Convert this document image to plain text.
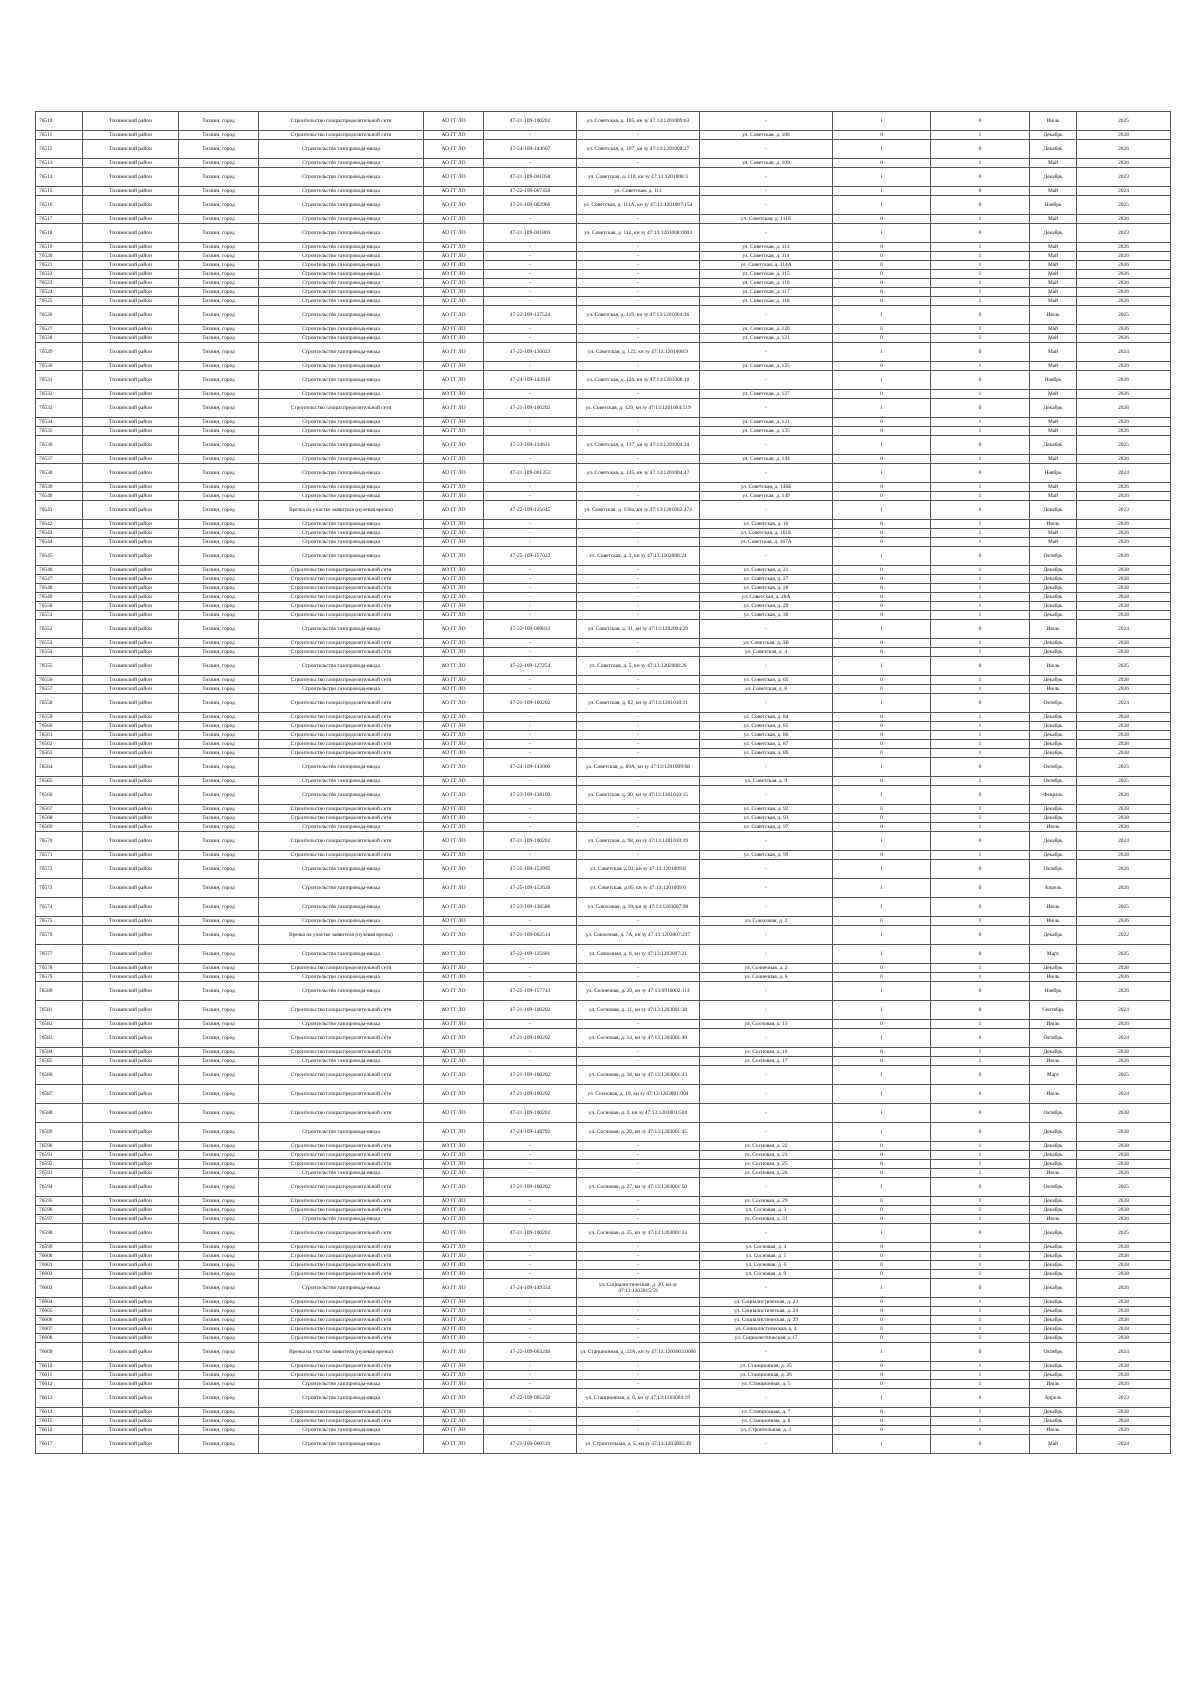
76510	Тихвинский район	Тихвин, город	Строительство газораспределительной сети	АО ГГ ЛО	47-21-109-100202	ул. Советская, д. 105, кн зу 47:13:1201009:63	-	1	0	Июль	2025
76511	Тихвинский район	Тихвин, город	Строительство газораспределительной сети	АО ГГ ЛО	-	-	ул. Советская, д. 106	0	1	Декабрь	2028
76512	Тихвинский район	Тихвин, город	Строительство газопровода-ввода	АО ГГ ЛО	47-24-109-144667	ул. Советская, д. 107, кн зу 47:13:1201008:27	-	1	0	Декабрь	2026
76513	Тихвинский район	Тихвин, город	Строительство газопровода-ввода	АО ГГ ЛО	-	-	ул. Советская, д. 109	0	1	Май	2026
76514	Тихвинский район	Тихвин, город	Строительство газопровода-ввода	АО ГГ ЛО	47-21-109-001058	ул. Советская, д. 110, кн зу 47:13:1201008:3	-	1	0	Декабрь	2023
76515	Тихвинский район	Тихвин, город	Строительство газопровода-ввода	АО ГГ ЛО	47-22-109-007450	ул. Советская, д. 111	-	1	0	Май	2024
76516	Тихвинский район	Тихвин, город	Строительство газопровода-ввода	АО ГГ ЛО	47-21-109-002966	ул. Советская, д. 111А, кн зу 47:13:1201007:154	-	1	0	Ноябрь	2025
76517	Тихвинский район	Тихвин, город	Строительство газопровода-ввода	АО ГГ ЛО	-	-	ул. Советская, д. 111Б	0	1	Май	2026
76518	Тихвинский район	Тихвин, город	Строительство газопровода-ввода	АО ГГ ЛО	47-21-109-001869	ул. Советская, д. 112, кн зу 47:13:1201008:0004	-	1	0	Декабрь	2023
76519	Тихвинский район	Тихвин, город	Строительство газопровода-ввода	АО ГГ ЛО	-	-	ул. Советская, д. 113	0	1	Май	2026
76520	Тихвинский район	Тихвин, город	Строительство газопровода-ввода	АО ГГ ЛО	-	-	ул. Советская, д. 114	0	1	Май	2026
76521	Тихвинский район	Тихвин, город	Строительство газопровода-ввода	АО ГГ ЛО	-	-	ул. Советская, д. 114А	0	1	Май	2026
76522	Тихвинский район	Тихвин, город	Строительство газопровода-ввода	АО ГГ ЛО	-	-	ул. Советская, д. 115	0	1	Май	2026
76523	Тихвинский район	Тихвин, город	Строительство газопровода-ввода	АО ГГ ЛО	-	-	ул. Советская, д. 116	0	1	Май	2026
76524	Тихвинский район	Тихвин, город	Строительство газопровода-ввода	АО ГГ ЛО	-	-	ул. Советская, д. 117	0	1	Май	2026
76525	Тихвинский район	Тихвин, город	Строительство газопровода-ввода	АО ГГ ЛО	-	-	ул. Советская, д. 118	0	1	Май	2026
76526	Тихвинский район	Тихвин, город	Строительство газопровода-ввода	АО ГГ ЛО	47-22-109-127524	ул. Советская, д. 119, кн зу 47:13:1201004:36	-	1	0	Июль	2025
76527	Тихвинский район	Тихвин, город	Строительство газопровода-ввода	АО ГГ ЛО	-	-	ул. Советская, д. 120	0	1	Май	2026
76528	Тихвинский район	Тихвин, город	Строительство газопровода-ввода	АО ГГ ЛО	-	-	ул. Советская, д. 121	0	1	Май	2026
76529	Тихвинский район	Тихвин, город	Строительство газопровода-ввода	АО ГГ ЛО	47-22-109-136023	ул. Советская, д. 122, кн зу 47:13:1201008:9	-	1	0	Май	2024
76530	Тихвинский район	Тихвин, город	Строительство газопровода-ввода	АО ГГ ЛО	-	-	ул. Советская, д. 125	0	1	Май	2026
76531	Тихвинский район	Тихвин, город	Строительство газопровода-ввода	АО ГГ ЛО	47-24-109-143618	ул. Советская, д. 126, кн зу 47:13:1201008:10	-	1	0	Ноябрь	2026
76532	Тихвинский район	Тихвин, город	Строительство газопровода-ввода	АО ГГ ЛО	-	-	ул. Советская, д. 127	0	1	Май	2026
76533	Тихвинский район	Тихвин, город	Строительство газораспределительной сети	АО ГГ ЛО	47-21-109-100202	ул. Советская, д. 129, кн зу 47:13:1201004:519	-	1	0	Декабрь	2028
76534	Тихвинский район	Тихвин, город	Строительство газопровода-ввода	АО ГГ ЛО	-	-	ул. Советская, д. 131	0	1	Май	2026
76535	Тихвинский район	Тихвин, город	Строительство газопровода-ввода	АО ГГ ЛО	-	-	ул. Советская, д. 135	0	1	Май	2026
76536	Тихвинский район	Тихвин, город	Строительство газопровода-ввода	АО ГГ ЛО	47-23-109-134631	ул. Советская, д. 137, кн зу 47:13:1201004:24	-	1	0	Декабрь	2025
76537	Тихвинский район	Тихвин, город	Строительство газопровода-ввода	АО ГГ ЛО	-	-	ул. Советская, д. 144	0	1	Май	2026
76538	Тихвинский район	Тихвин, город	Строительство газопровода-ввода	АО ГГ ЛО	47-21-109-001352	ул. Советская, д. 145, кн зу 47:13:1201004:47	-	1	0	Ноябрь	2024
76539	Тихвинский район	Тихвин, город	Строительство газопровода-ввода	АО ГГ ЛО	-	-	ул. Советская, д. 146Б	0	1	Май	2026
76540	Тихвинский район	Тихвин, город	Строительство газопровода-ввода	АО ГГ ЛО	-	-	ул. Советская, д. 149	0	1	Май	2026
76541	Тихвинский район	Тихвин, город	Врезка на участке заявителя (нулевая врезка)	АО ГГ ЛО	47-22-109-125645	ул. Советская, д. 156а, кн зу 47:13:1201002:474	-	1	0	Декабрь	2023
76542	Тихвинский район	Тихвин, город	Строительство газопровода-ввода	АО ГГ ЛО	-	-	ул. Советская, д. 16	0	1	Июль	2026
76543	Тихвинский район	Тихвин, город	Строительство газопровода-ввода	АО ГГ ЛО	-	-	ул. Советская, д. 161Б	0	1	Май	2026
76544	Тихвинский район	Тихвин, город	Строительство газопровода-ввода	АО ГГ ЛО	-	-	ул. Советская, д. 167А	0	1	Май	2026
76545	Тихвинский район	Тихвин, город	Строительство газопровода-ввода	АО ГГ ЛО	47-25-109-157022	ул. Советская, д. 2, кн зу 47:13:1202008:24	-	1	0	Октябрь	2026
76546	Тихвинский район	Тихвин, город	Строительство газораспределительной сети	АО ГГ ЛО	-	-	ул. Советская, д. 21	0	1	Декабрь	2028
76547	Тихвинский район	Тихвин, город	Строительство газораспределительной сети	АО ГГ ЛО	-	-	ул. Советская, д. 27	0	1	Декабрь	2028
76548	Тихвинский район	Тихвин, город	Строительство газораспределительной сети	АО ГГ ЛО	-	-	ул. Советская, д. 28	0	1	Декабрь	2028
76549	Тихвинский район	Тихвин, город	Строительство газораспределительной сети	АО ГГ ЛО	-	-	ул. Советская, д. 28А	0	1	Декабрь	2028
76550	Тихвинский район	Тихвин, город	Строительство газораспределительной сети	АО ГГ ЛО	-	-	ул. Советская, д. 29	0	1	Декабрь	2028
76551	Тихвинский район	Тихвин, город	Строительство газораспределительной сети	АО ГГ ЛО	-	-	ул. Советская, д. 30	0	1	Декабрь	2028
76552	Тихвинский район	Тихвин, город	Строительство газопровода-ввода	АО ГГ ЛО	47-22-109-009833	ул. Советская, д. 31, кн зу 47:13:1202004:29	-	1	0	Июль	2024
76553	Тихвинский район	Тихвин, город	Строительство газораспределительной сети	АО ГГ ЛО	-	-	ул. Советская, д. 3В	0	1	Декабрь	2028
76554	Тихвинский район	Тихвин, город	Строительство газораспределительной сети	АО ГГ ЛО	-	-	ул. Советская, д. 4	0	1	Декабрь	2028
76555	Тихвинский район	Тихвин, город	Строительство газопровода-ввода	АО ГГ ЛО	47-22-109-127254	ул. Советская, д. 5, кн зу 47:13:1202008:26	-	1	0	Июль	2025
76556	Тихвинский район	Тихвин, город	Строительство газораспределительной сети	АО ГГ ЛО	-	-	ул. Советская, д. 65	0	1	Декабрь	2028
76557	Тихвинский район	Тихвин, город	Строительство газопровода-ввода	АО ГГ ЛО	-	-	ул. Советская, д. 8	0	1	Июль	2026
76558	Тихвинский район	Тихвин, город	Строительство газораспределительной сети	АО ГГ ЛО	47-21-109-100202	ул. Советская, д. 82, кн зу 47:13:1201010:11	-	1	0	Октябрь	2024
76559	Тихвинский район	Тихвин, город	Строительство газораспределительной сети	АО ГГ ЛО	-	-	ул. Советская, д. 84	0	1	Декабрь	2028
76560	Тихвинский район	Тихвин, город	Строительство газораспределительной сети	АО ГГ ЛО	-	-	ул. Советская, д. 85	0	1	Декабрь	2028
76561	Тихвинский район	Тихвин, город	Строительство газораспределительной сети	АО ГГ ЛО	-	-	ул. Советская, д. 86	0	1	Декабрь	2028
76562	Тихвинский район	Тихвин, город	Строительство газораспределительной сети	АО ГГ ЛО	-	-	ул. Советская, д. 87	0	1	Декабрь	2028
76563	Тихвинский район	Тихвин, город	Строительство газораспределительной сети	АО ГГ ЛО	-	-	ул. Советская, д. 89	0	1	Декабрь	2028
76564	Тихвинский район	Тихвин, город	Строительство газопровода-ввода	АО ГГ ЛО	47-24-109-143000	ул. Советская, д. 89А, кн зу 47:13:1201009:68	-	1	0	Октябрь	2025
76565	Тихвинский район	Тихвин, город	Строительство газопровода-ввода	АО ГГ ЛО	-	-	ул. Советская, д. 9	0	1	Октябрь	2025
76566	Тихвинский район	Тихвин, город	Строительство газопровода-ввода	АО ГГ ЛО	47-23-109-138109	ул. Советская, д. 90, кн зу 47:13:1201010:15	-	1	0	Февраль	2026
76567	Тихвинский район	Тихвин, город	Строительство газораспределительной сети	АО ГГ ЛО	-	-	ул. Советская, д. 92	0	1	Декабрь	2028
76568	Тихвинский район	Тихвин, город	Строительство газораспределительной сети	АО ГГ ЛО	-	-	ул. Советская, д. 93	0	1	Декабрь	2028
76569	Тихвинский район	Тихвин, город	Строительство газопровода-ввода	АО ГГ ЛО	-	-	ул. Советская, д. 97	0	1	Июль	2026
76570	Тихвинский район	Тихвин, город	Строительство газораспределительной сети	АО ГГ ЛО	47-21-109-100202	ул. Советская, д. 98, кн зу 47:13:1201010:19	-	1	0	Декабрь	2024
76571	Тихвинский район	Тихвин, город	Строительство газораспределительной сети	АО ГГ ЛО	-	-	ул. Советская, д. 99	0	1	Декабрь	2028
76572	Тихвинский район	Тихвин, город	Строительство газопровода-ввода	АО ГГ ЛО	47-25-109-153995	ул. Советская, д.91, кн зу 47:13:1201009:8	-	1	0	Октябрь	2026
76573	Тихвинский район	Тихвин, город	Строительство газопровода-ввода	АО ГГ ЛО	47-25-109-152626	ул. Советская, д.95, кн зу 47:13:1201009:6	-	1	0	Апрель	2026
76574	Тихвинский район	Тихвин, город	Строительство газопровода-ввода	АО ГГ ЛО	47-23-109-136586	ул. Совхозная, д. 10, кн зу 47:13:1203007:98	-	1	0	Июль	2025
76575	Тихвинский район	Тихвин, город	Строительство газопровода-ввода	АО ГГ ЛО	-	-	ул. Совхозная, д. 2	0	1	Июль	2026
76576	Тихвинский район	Тихвин, город	Врезка на участке заявителя (нулевая врезка)	АО ГГ ЛО	47-21-109-002514	ул. Совхозная, д. 7А, кн зу 47:13:1203007:237	-	1	0	Декабрь	2022
76577	Тихвинский район	Тихвин, город	Строительство газопровода-ввода	АО ГГ ЛО	47-22-109-125601	ул. Совхозная, д. 8, кн зу 47:13:1203007:21	-	1	0	Март	2025
76578	Тихвинский район	Тихвин, город	Строительство газораспределительной сети	АО ГГ ЛО	-	-	ул. Солнечная, д. 2	0	1	Декабрь	2028
76579	Тихвинский район	Тихвин, город	Строительство газопровода-ввода	АО ГГ ЛО	-	-	ул. Солнечная, д. 8	0	1	Июль	2026
76580	Тихвинский район	Тихвин, город	Строительство газопровода-ввода	АО ГГ ЛО	47-25-109-157743	ул. Солнечная, д. 20, кн зу 47:13:0916002:114	-	1	0	Ноябрь	2026
76581	Тихвинский район	Тихвин, город	Строительство газораспределительной сети	АО ГГ ЛО	47-21-109-100202	ул. Сосновая, д. 11, кн зу 47:13:1203001:38	-	1	0	Сентябрь	2024
76582	Тихвинский район	Тихвин, город	Строительство газопровода-ввода	АО ГГ ЛО	-	-	ул. Сосновая, д. 13	0	1	Июль	2026
76583	Тихвинский район	Тихвин, город	Строительство газораспределительной сети	АО ГГ ЛО	47-21-109-100202	ул. Сосновая, д. 14, кн зу 47:13:1203001:40	-	1	0	Октябрь	2024
76584	Тихвинский район	Тихвин, город	Строительство газораспределительной сети	АО ГГ ЛО	-	-	ул. Сосновая, д. 16	0	1	Декабрь	2028
76585	Тихвинский район	Тихвин, город	Строительство газопровода-ввода	АО ГГ ЛО	-	-	ул. Сосновая, д. 17	0	1	Июль	2026
76586	Тихвинский район	Тихвин, город	Строительство газораспределительной сети	АО ГГ ЛО	47-21-109-100202	ул. Сосновая, д. 18, кн зу 47:13:1203001:43	-	1	0	Март	2025
76587	Тихвинский район	Тихвин, город	Строительство газораспределительной сети	АО ГГ ЛО	47-21-109-100202	ул. Сосновая, д. 19, кн зу 47:13:1203001:004	-	1	0	Июль	2024
76588	Тихвинский район	Тихвин, город	Строительство газораспределительной сети	АО ГГ ЛО	47-21-109-100202	ул. Сосновая, д. 2, кн зу 47:13:1203001:504	-	1	0	Октябрь	2028
76589	Тихвинский район	Тихвин, город	Строительство газопровода-ввода	АО ГГ ЛО	47-24-109-148792	ул. Сосновая, д. 20, кн зу 47:13:1203001:45	-	1	0	Декабрь	2028
76590	Тихвинский район	Тихвин, город	Строительство газораспределительной сети	АО ГГ ЛО	-	-	ул. Сосновая, д. 22	0	1	Декабрь	2028
76591	Тихвинский район	Тихвин, город	Строительство газораспределительной сети	АО ГГ ЛО	-	-	ул. Сосновая, д. 23	0	1	Декабрь	2028
76592	Тихвинский район	Тихвин, город	Строительство газораспределительной сети	АО ГГ ЛО	-	-	ул. Сосновая, д. 25	0	1	Декабрь	2028
76593	Тихвинский район	Тихвин, город	Строительство газопровода-ввода	АО ГГ ЛО	-	-	ул. Сосновая, д. 26	0	1	Июль	2026
76594	Тихвинский район	Тихвин, город	Строительство газораспределительной сети	АО ГГ ЛО	47-21-109-100202	ул. Сосновая, д. 27, кн зу 47:13:1203001:50	-	1	0	Октябрь	2025
76595	Тихвинский район	Тихвин, город	Строительство газораспределительной сети	АО ГГ ЛО	-	-	ул. Сосновая, д. 29	0	1	Декабрь	2028
76596	Тихвинский район	Тихвин, город	Строительство газораспределительной сети	АО ГГ ЛО	-	-	ул. Сосновая, д. 3	0	1	Декабрь	2028
76597	Тихвинский район	Тихвин, город	Строительство газопровода-ввода	АО ГГ ЛО	-	-	ул. Сосновая, д. 31	0	1	Июль	2026
76598	Тихвинский район	Тихвин, город	Строительство газораспределительной сети	АО ГГ ЛО	47-21-109-100202	ул. Сосновая, д. 35, кн зу 47:13:1203001:33	-	1	0	Декабрь	2025
76599	Тихвинский район	Тихвин, город	Строительство газораспределительной сети	АО ГГ ЛО	-	-	ул. Сосновая, д. 4	0	1	Декабрь	2028
76600	Тихвинский район	Тихвин, город	Строительство газораспределительной сети	АО ГГ ЛО	-	-	ул. Сосновая, д. 5	0	1	Декабрь	2028
76601	Тихвинский район	Тихвин, город	Строительство газораспределительной сети	АО ГГ ЛО	-	-	ул. Сосновая, д. 6	0	1	Декабрь	2028
76602	Тихвинский район	Тихвин, город	Строительство газораспределительной сети	АО ГГ ЛО	-	-	ул. Сосновая, д. 9	0	1	Декабрь	2028
76603	Тихвинский район	Тихвин, город	Строительство газопровода-ввода	АО ГГ ЛО	47-24-109-149354	ул. Социалистическая, д. 20, кн зу 47:13:1202015:59	-	1	0	Декабрь	2026
76604	Тихвинский район	Тихвин, город	Строительство газораспределительной сети	АО ГГ ЛО	-	-	ул. Социалистическая, д. 23	0	1	Декабрь	2028
76605	Тихвинский район	Тихвин, город	Строительство газораспределительной сети	АО ГГ ЛО	-	-	ул. Социалистическая, д. 24	0	1	Декабрь	2028
76606	Тихвинский район	Тихвин, город	Строительство газораспределительной сети	АО ГГ ЛО	-	-	ул. Социалистическая, д. 29	0	1	Декабрь	2028
76607	Тихвинский район	Тихвин, город	Строительство газораспределительной сети	АО ГГ ЛО	-	-	ул. Социалистическая, д. 4	0	1	Декабрь	2028
76608	Тихвинский район	Тихвин, город	Строительство газораспределительной сети	АО ГГ ЛО	-	-	ул. Социалистическая, д.17	0	1	Декабрь	2028
76609	Тихвинский район	Тихвин, город	Врезка на участке заявителя (нулевая врезка)	АО ГГ ЛО	47-22-109-003246	ул. Станционная, д. 22А, кн зу 47:13:1203003:0006	-	1	0	Октябрь	2024
76610	Тихвинский район	Тихвин, город	Строительство газораспределительной сети	АО ГГ ЛО	-	-	ул. Станционная, д. 25	0	1	Декабрь	2028
76611	Тихвинский район	Тихвин, город	Строительство газораспределительной сети	АО ГГ ЛО	-	-	ул. Станционная, д. 26	0	1	Декабрь	2028
76612	Тихвинский район	Тихвин, город	Строительство газопровода-ввода	АО ГГ ЛО	-	-	ул. Станционная, д. 5	0	1	Июль	2026
76613	Тихвинский район	Тихвин, город	Строительство газопровода-ввода	АО ГГ ЛО	47-22-109-005259	ул. Станционная, д. 6, кн зу 47:13:1203003:19	-	1	0	Апрель	2023
76614	Тихвинский район	Тихвин, город	Строительство газораспределительной сети	АО ГГ ЛО	-	-	ул. Станционная, д. 7	0	1	Декабрь	2028
76615	Тихвинский район	Тихвин, город	Строительство газораспределительной сети	АО ГГ ЛО	-	-	ул. Станционная, д. 8	0	1	Декабрь	2028
76616	Тихвинский район	Тихвин, город	Строительство газопровода-ввода	АО ГГ ЛО	-	-	ул. Строительная, д. 2	0	1	Июль	2026
76617	Тихвинский район	Тихвин, город	Строительство газопровода-ввода	АО ГГ ЛО	47-21-109-000519	ул. Строительная, д. 5, кн зу 47:13:1203005:49	-	1	0	Май	2024
